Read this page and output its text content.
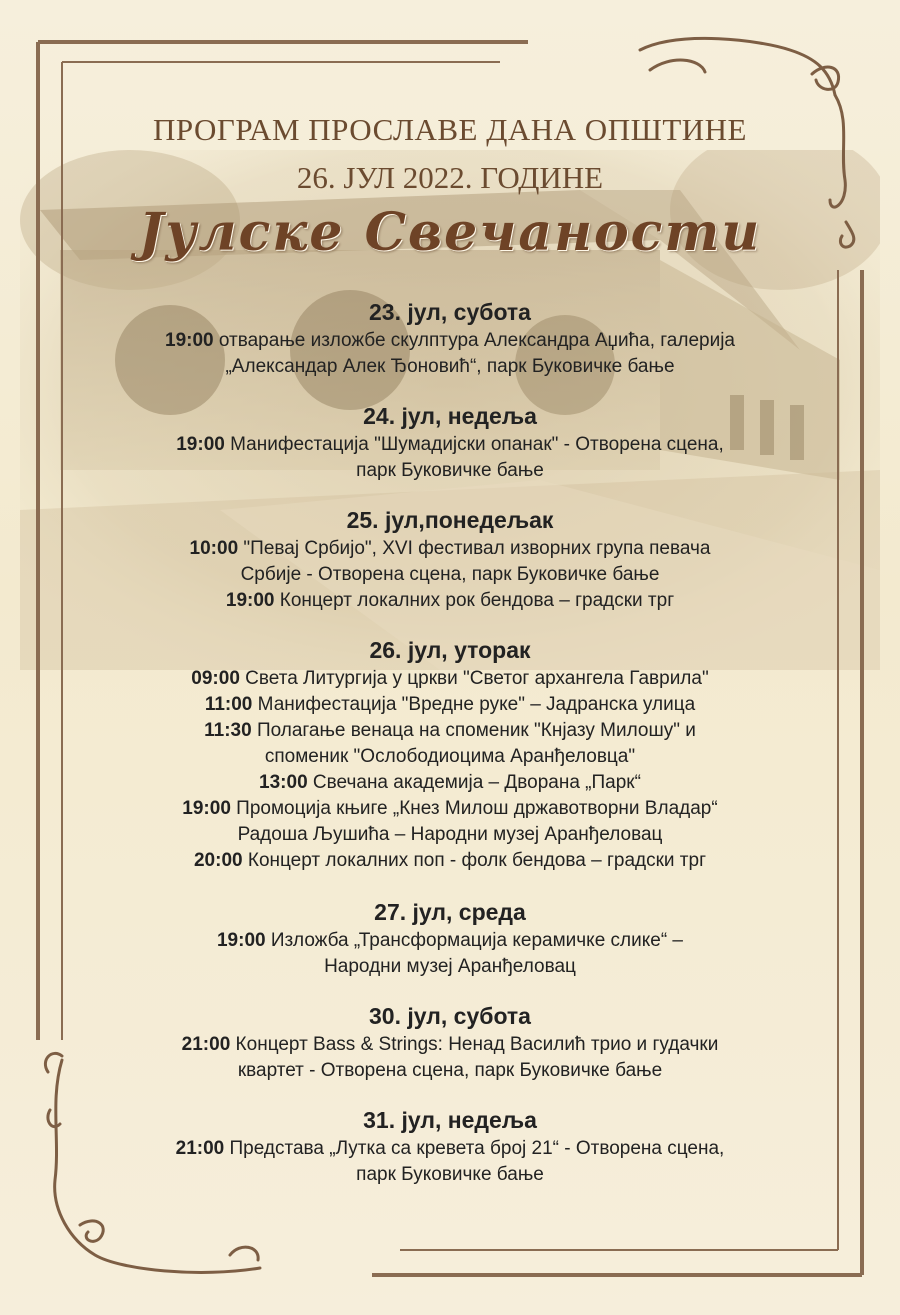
ПРОГРАМ ПРОСЛАВЕ ДАНА ОПШТИНЕ
26. ЈУЛ 2022. ГОДИНЕ
Јулске Свечаности
23. јул, субота
19:00 отварање изложбе скулптура Александра Аџића, галерија
„Александар Алек Ђоновић“, парк Буковичке бање
24. јул, недеља
19:00 Манифестација "Шумадијски опанак" - Отворена сцена,
парк Буковичке бање
25. јул,понедељак
10:00 "Певај Србијо", XVI фестивал изворних група певача
Србије - Отворена сцена, парк Буковичке бање
19:00 Концерт локалних рок бендова – градски трг
26. јул, уторак
09:00 Света Литургија у цркви "Светог архангела Гаврила"
11:00 Манифестација "Вредне руке" – Јадранска улица
11:30 Полагање венаца на споменик "Кнјазу Милошу" и
споменик "Ослободиоцима Аранђеловца"
13:00 Свечана академија – Дворана „Парк“
19:00 Промоција књиге „Кнез Милош државотворни Владар“
Радоша Љушића – Народни музеј Аранђеловац
20:00 Концерт локалних поп - фолк бендова – градски трг
27. јул, среда
19:00 Изложба „Трансформација керамичке слике“ –
Народни музеј Аранђеловац
30. јул, субота
21:00 Концерт Bass & Strings: Ненад Василић трио и гудачки
квартет - Отворена сцена, парк Буковичке бање
31. јул, недеља
21:00 Представа „Лутка са кревета број 21“ - Отворена сцена,
парк Буковичке бање
